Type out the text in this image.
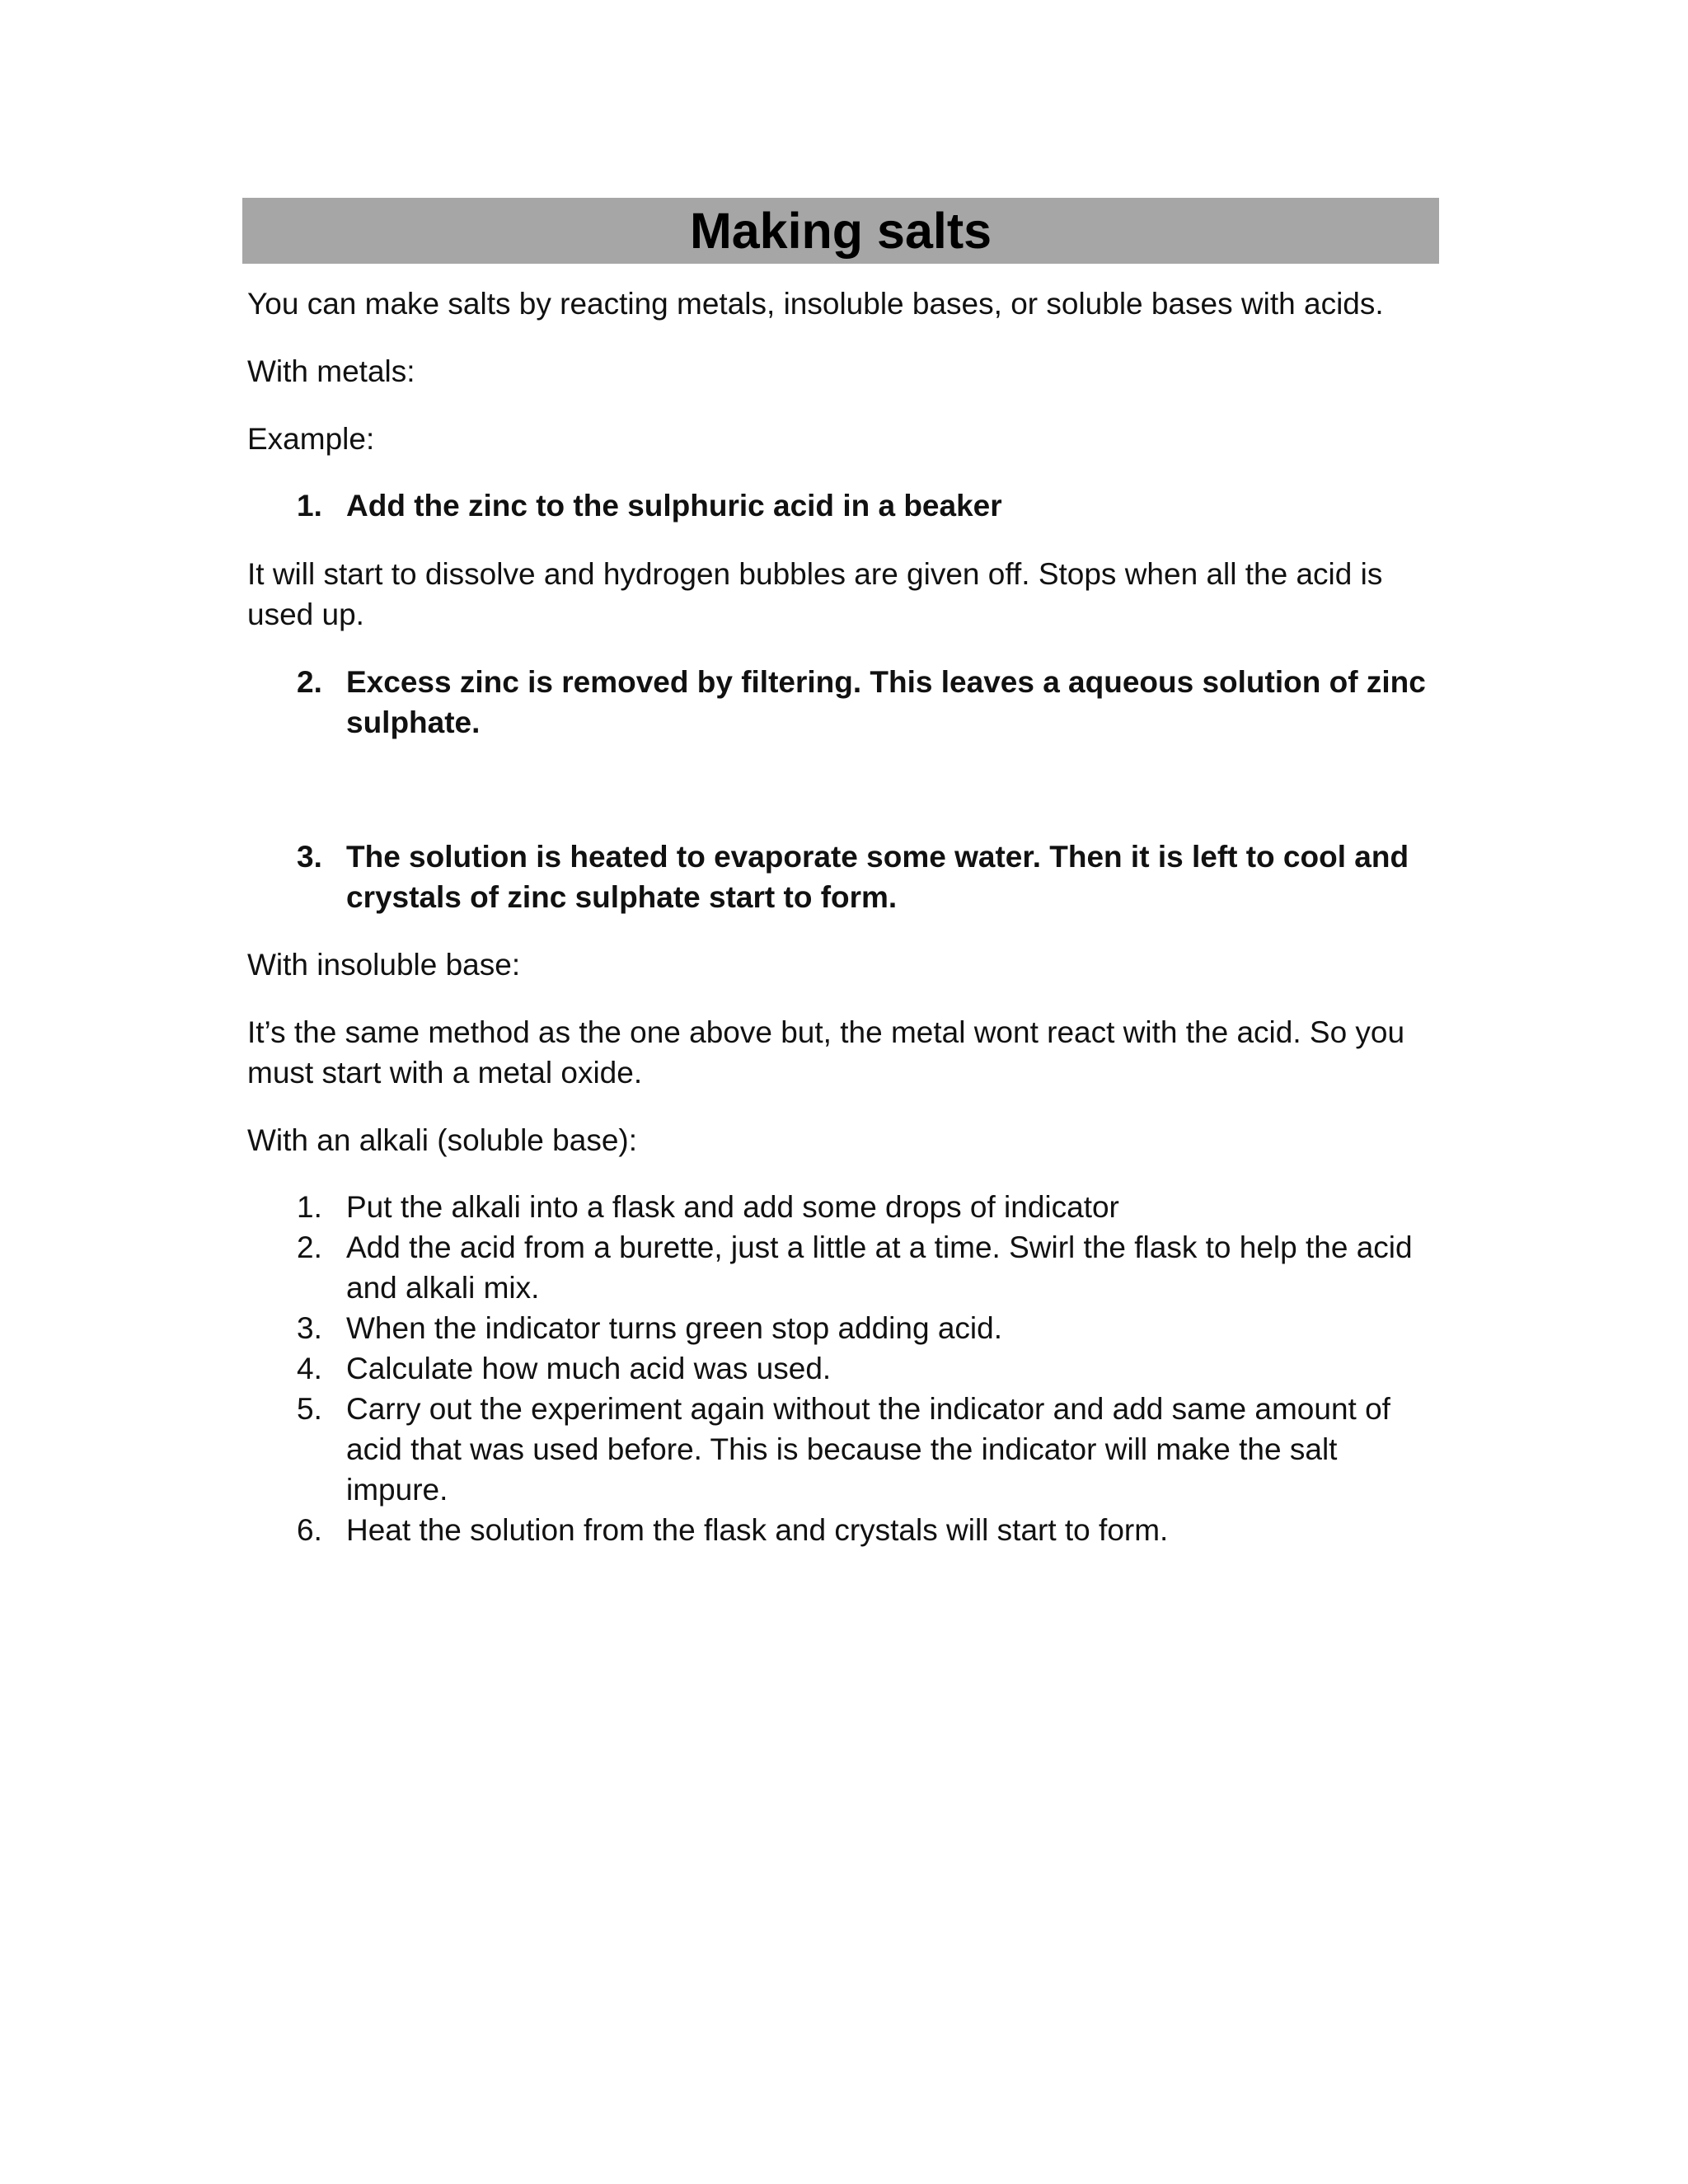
Making salts

You can make salts by reacting metals, insoluble bases, or soluble bases with acids.

With metals:

Example:

1. Add the zinc to the sulphuric acid in a beaker

It will start to dissolve and hydrogen bubbles are given off. Stops when all the acid is used up.

2. Excess zinc is removed by filtering. This leaves a aqueous solution of zinc sulphate.
3. The solution is heated to evaporate some water. Then it is left to cool and crystals of zinc sulphate start to form.

With insoluble base:

It’s the same method as the one above but, the metal wont react with the acid. So you must start with a metal oxide.

With an alkali (soluble base):

1. Put the alkali into a flask and add some drops of indicator
2. Add the acid from a burette, just a little at a time. Swirl the flask to help the acid and alkali mix.
3. When the indicator turns green stop adding acid.
4. Calculate how much acid was used.
5. Carry out the experiment again without the indicator and add same amount of acid that was used before. This is because the indicator will make the salt impure.
6. Heat the solution from the flask and crystals will start to form.
